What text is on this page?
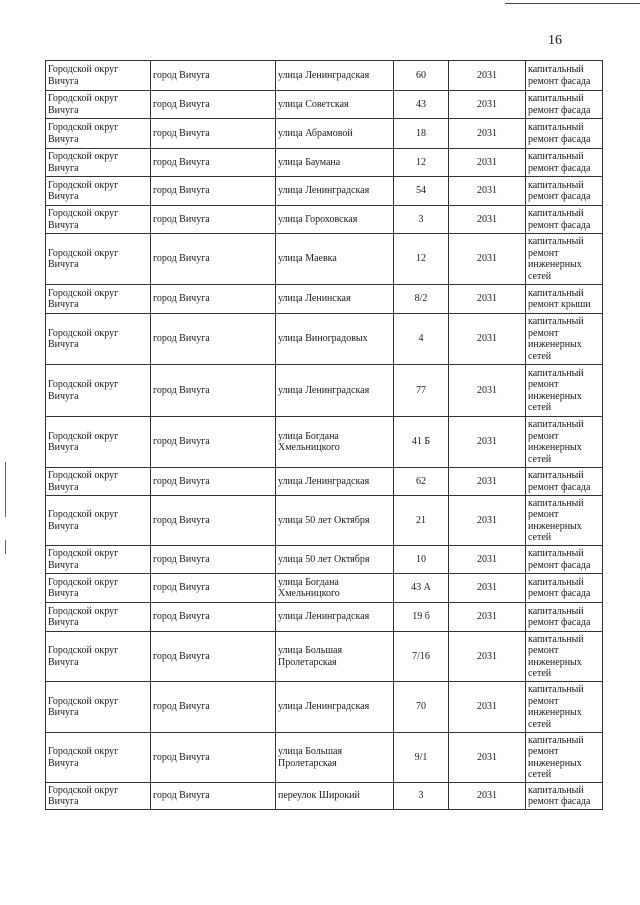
16
Городской округ Вичуга	город Вичуга	улица Ленинградская	60	2031	капитальный ремонт фасада
Городской округ Вичуга	город Вичуга	улица Советская	43	2031	капитальный ремонт фасада
Городской округ Вичуга	город Вичуга	улица Абрамовой	18	2031	капитальный ремонт фасада
Городской округ Вичуга	город Вичуга	улица Баумана	12	2031	капитальный ремонт фасада
Городской округ Вичуга	город Вичуга	улица Ленинградская	54	2031	капитальный ремонт фасада
Городской округ Вичуга	город Вичуга	улица Гороховская	3	2031	капитальный ремонт фасада
Городской округ Вичуга	город Вичуга	улица Маевка	12	2031	капитальный ремонт инженерных сетей
Городской округ Вичуга	город Вичуга	улица Ленинская	8/2	2031	капитальный ремонт крыши
Городской округ Вичуга	город Вичуга	улица Виноградовых	4	2031	капитальный ремонт инженерных сетей
Городской округ Вичуга	город Вичуга	улица Ленинградская	77	2031	капитальный ремонт инженерных сетей
Городской округ Вичуга	город Вичуга	улица Богдана Хмельницкого	41 Б	2031	капитальный ремонт инженерных сетей
Городской округ Вичуга	город Вичуга	улица Ленинградская	62	2031	капитальный ремонт фасада
Городской округ Вичуга	город Вичуга	улица 50 лет Октября	21	2031	капитальный ремонт инженерных сетей
Городской округ Вичуга	город Вичуга	улица 50 лет Октября	10	2031	капитальный ремонт фасада
Городской округ Вичуга	город Вичуга	улица Богдана Хмельницкого	43 А	2031	капитальный ремонт фасада
Городской округ Вичуга	город Вичуга	улица Ленинградская	19 б	2031	капитальный ремонт фасада
Городской округ Вичуга	город Вичуга	улица Большая Пролетарская	7/16	2031	капитальный ремонт инженерных сетей
Городской округ Вичуга	город Вичуга	улица Ленинградская	70	2031	капитальный ремонт инженерных сетей
Городской округ Вичуга	город Вичуга	улица Большая Пролетарская	9/1	2031	капитальный ремонт инженерных сетей
Городской округ Вичуга	город Вичуга	переулок Широкий	3	2031	капитальный ремонт фасада
